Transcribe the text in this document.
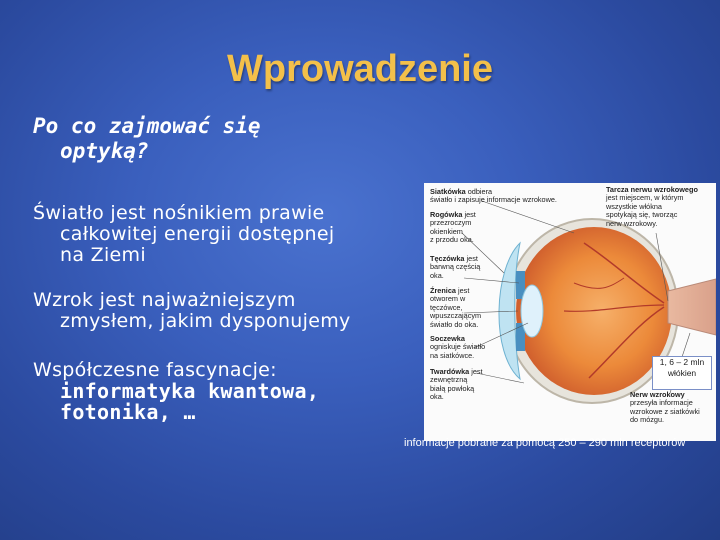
Wprowadzenie
Po co zajmować się
optyką?
Światło jest nośnikiem prawie
całkowitej energii dostępnej
na Ziemi
Wzrok jest najważniejszym
zmysłem, jakim dysponujemy
Współczesne fascynacje:
informatyka kwantowa,
fotonika, …
Siatkówka odbiera
światło i zapisuje informacje wzrokowe.
Rogówka jest
przezroczym
okienkiem
z przodu oka.
Tęczówka jest
barwną częścią
oka.
Źrenica jest
otworem w
tęczówce,
wpuszczającym
światło do oka.
Soczewka
ogniskuje światło
na siatkówce.
Twardówka jest
zewnętrzną
białą powłoką
oka.
Tarcza nerwu wzrokowego
jest miejscem, w którym
wszystkie włókna
spotykają się, tworząc
nerw wzrokowy.
1, 6 – 2 mln
włókien
Nerw wzrokowy
przesyła informacje
wzrokowe z siatkówki
do mózgu.
informacje pobrane za pomocą 250 – 290 mln receptorów
